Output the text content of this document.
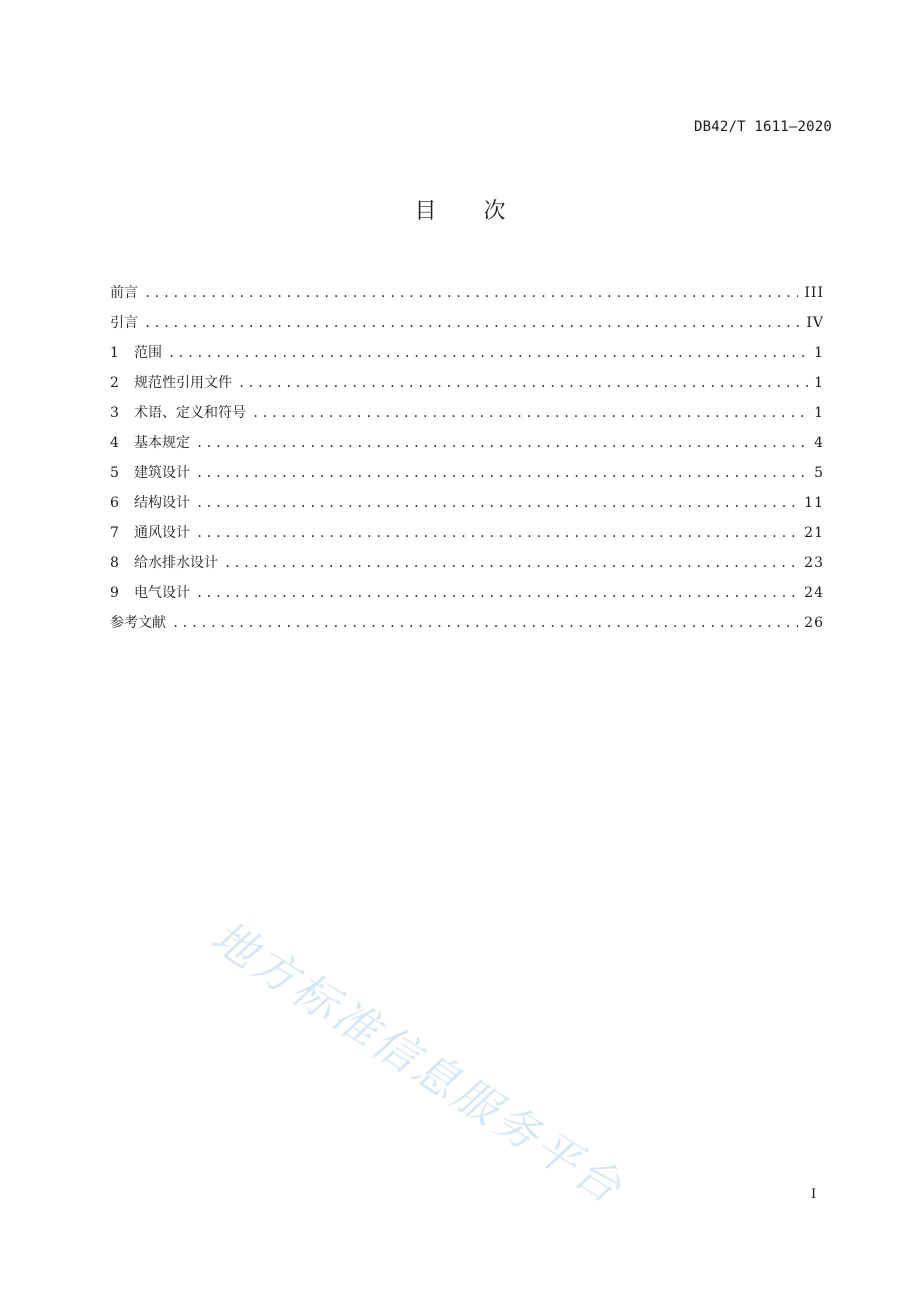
DB42/T 1611—2020
目 次
前言 .....	III
引言 .....	IV
1	范围 .....	1
2	规范性引用文件 .....	1
3	术语、定义和符号 .....	1
4	基本规定 .....	4
5	建筑设计 .....	5
6	结构设计 .....	11
7	通风设计 .....	21
8	给水排水设计 .....	23
9	电气设计 .....	24
参考文献 .....	26
地方标准信息服务平台	I
